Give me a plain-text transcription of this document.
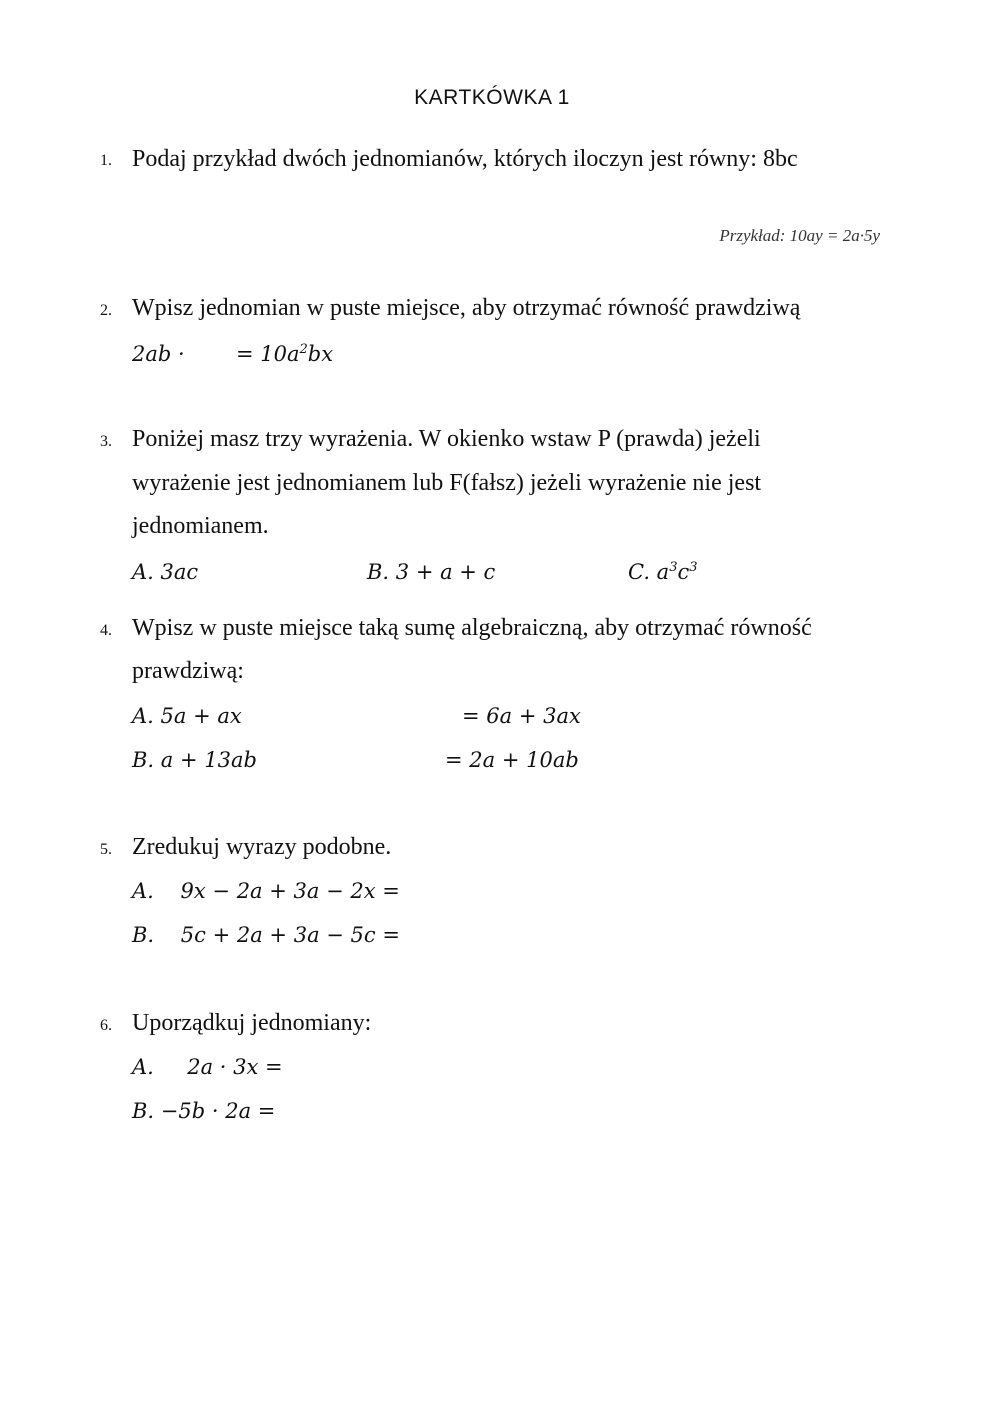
KARTKÓWKA 1
1. Podaj przykład dwóch jednomianów, których iloczyn jest równy: 8bc
Przykład: 10ay = 2a·5y
2. Wpisz jednomian w puste miejsce, aby otrzymać równość prawdziwą
2ab · = $10a^2bx$
3. Poniżej masz trzy wyrażenia. W okienko wstaw P (prawda) jeżeli
wyrażenie jest jednomianem lub F(fałsz) jeżeli wyrażenie nie jest
jednomianem.
A. 3ac	B. 3 + a + c	C. $a^3c^3$
4. Wpisz w puste miejsce taką sumę algebraiczną, aby otrzymać równość
prawdziwą:
A. 5a + ax	= 6a + 3ax
B. a + 13ab	= 2a + 10ab
5. Zredukuj wyrazy podobne.
A.    9x − 2a + 3a − 2x =
B.    5c + 2a + 3a − 5c =
6. Uporządkuj jednomiany:
A.     2a · 3x =
B. −5b · 2a =
